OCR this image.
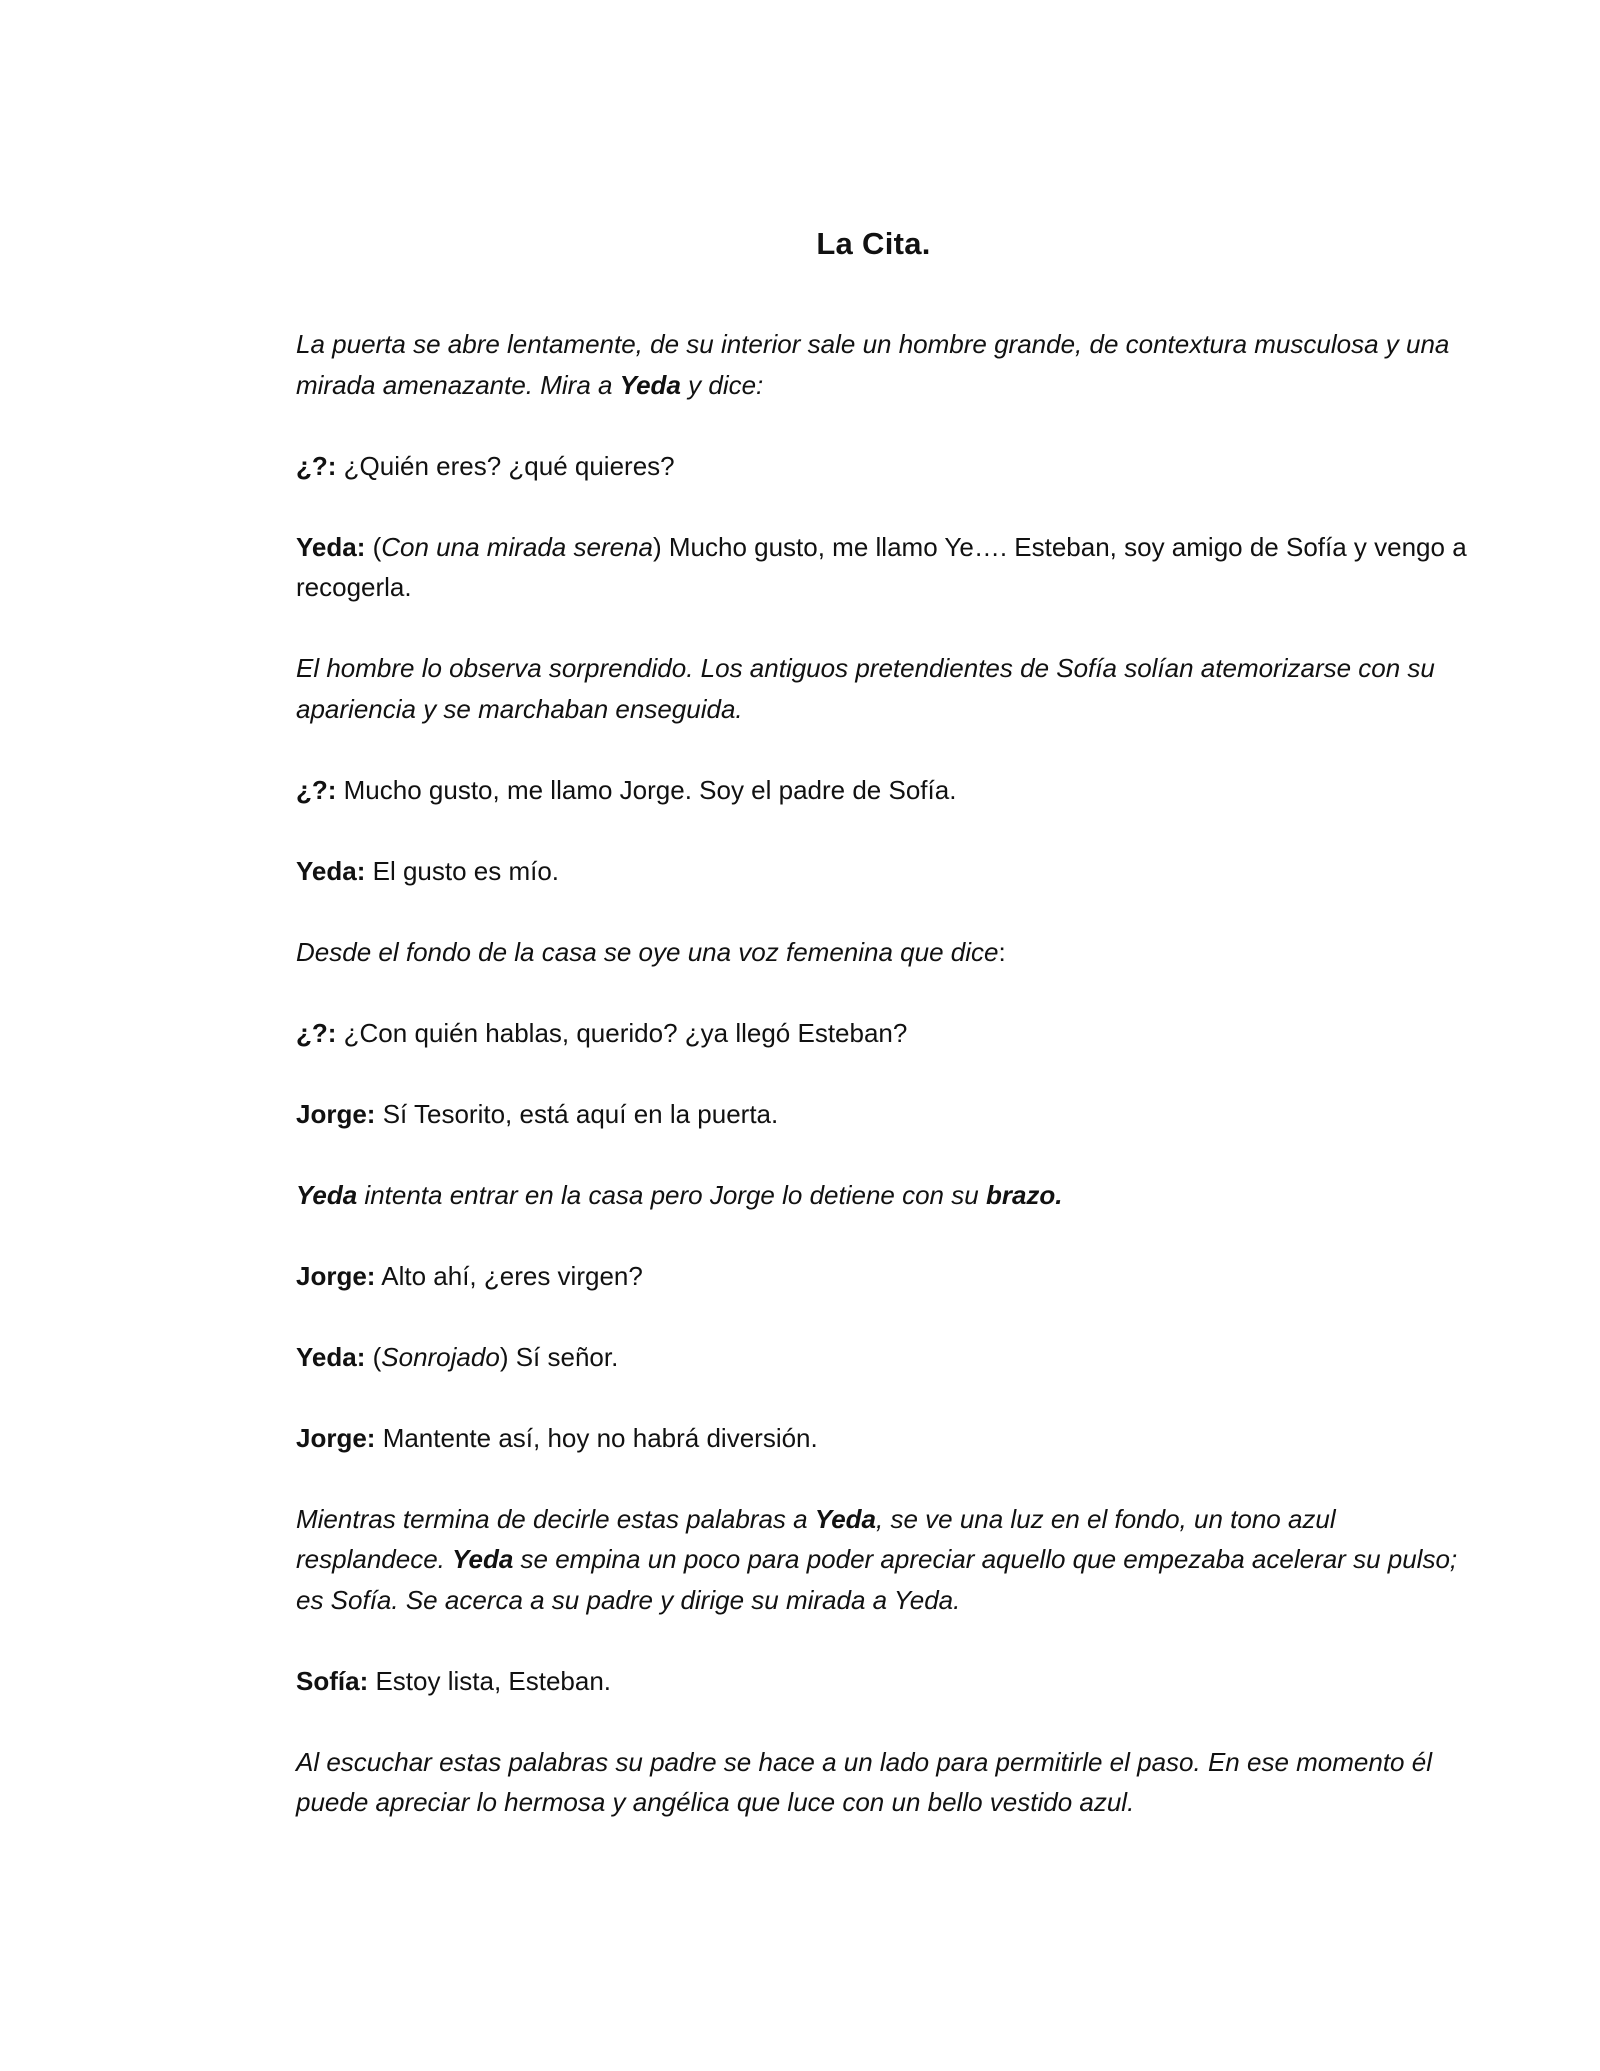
La Cita.

La puerta se abre lentamente, de su interior sale un hombre grande, de contextura musculosa y una mirada amenazante. Mira a Yeda y dice:

¿?: ¿Quién eres? ¿qué quieres?

Yeda: (Con una mirada serena) Mucho gusto, me llamo Ye…. Esteban, soy amigo de Sofía y vengo a recogerla.

El hombre lo observa sorprendido. Los antiguos pretendientes de Sofía solían atemorizarse con su apariencia y se marchaban enseguida.

¿?: Mucho gusto, me llamo Jorge. Soy el padre de Sofía.

Yeda: El gusto es mío.

Desde el fondo de la casa se oye una voz femenina que dice:

¿?: ¿Con quién hablas, querido? ¿ya llegó Esteban?

Jorge: Sí Tesorito, está aquí en la puerta.

Yeda intenta entrar en la casa pero Jorge lo detiene con su brazo.

Jorge: Alto ahí, ¿eres virgen?

Yeda: (Sonrojado) Sí señor.

Jorge: Mantente así, hoy no habrá diversión.

Mientras termina de decirle estas palabras a Yeda, se ve una luz en el fondo, un tono azul resplandece. Yeda se empina un poco para poder apreciar aquello que empezaba acelerar su pulso; es Sofía. Se acerca a su padre y dirige su mirada a Yeda.

Sofía: Estoy lista, Esteban.

Al escuchar estas palabras su padre se hace a un lado para permitirle el paso. En ese momento él puede apreciar lo hermosa y angélica que luce con un bello vestido azul.
